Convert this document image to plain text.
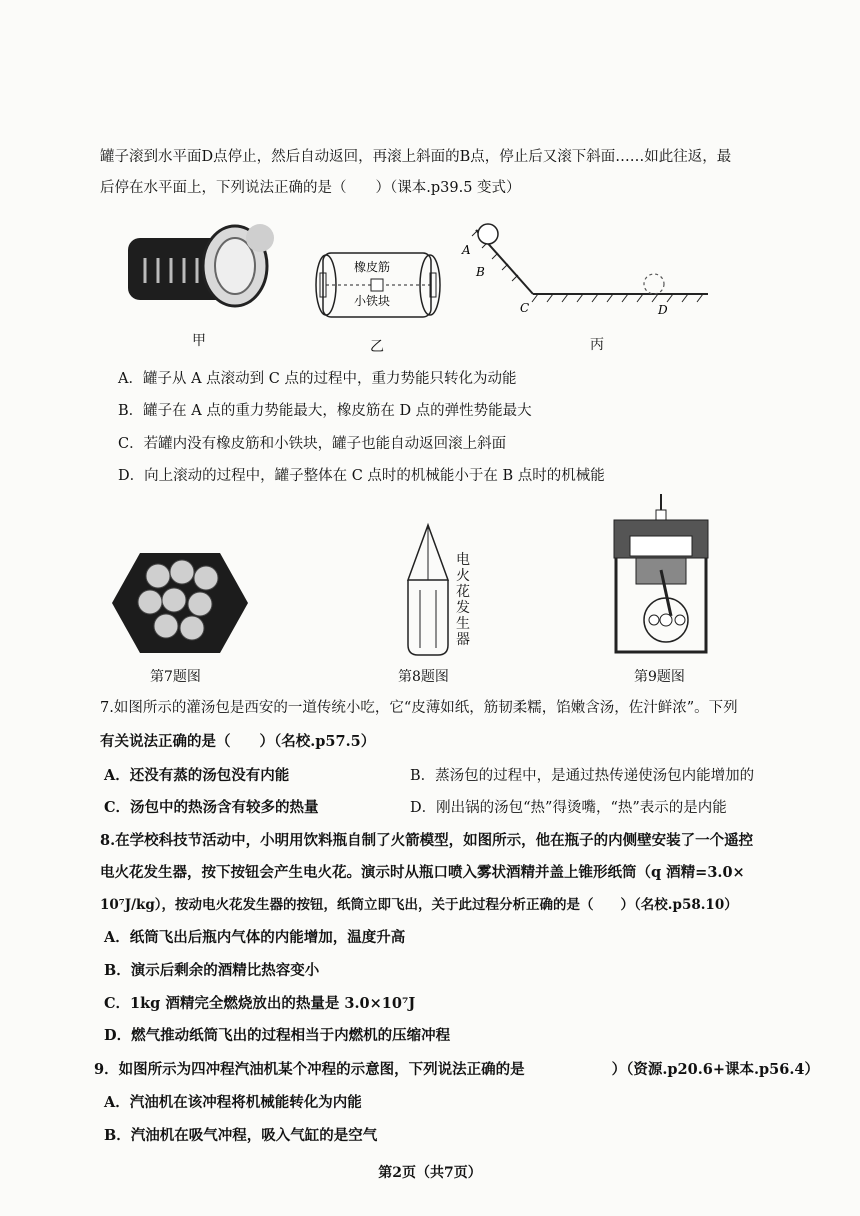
罐子滚到水平面D点停止，然后自动返回，再滚上斜面的B点，停止后又滚下斜面……如此往返，最
后停在水平面上，下列说法正确的是（　　）（课本.p39.5 变式）
甲
橡皮筋
小铁块
乙
A
B
C	D
丙
A．罐子从 A 点滚动到 C 点的过程中，重力势能只转化为动能
B．罐子在 A 点的重力势能最大，橡皮筋在 D 点的弹性势能最大
C．若罐内没有橡皮筋和小铁块，罐子也能自动返回滚上斜面
D．向上滚动的过程中，罐子整体在 C 点时的机械能小于在 B 点时的机械能
第7题图
电火花发生器
第8题图	第9题图
7.如图所示的灌汤包是西安的一道传统小吃，它“皮薄如纸，筋韧柔糯，馅嫩含汤，佐汁鲜浓”。下列
有关说法正确的是（　　）（名校.p57.5）
A．还没有蒸的汤包没有内能	B．蒸汤包的过程中，是通过热传递使汤包内能增加的
C．汤包中的热汤含有较多的热量	D．刚出锅的汤包“热”得烫嘴，“热”表示的是内能
8.在学校科技节活动中，小明用饮料瓶自制了火箭模型，如图所示，他在瓶子的内侧壁安装了一个遥控
电火花发生器，按下按钮会产生电火花。演示时从瓶口喷入雾状酒精并盖上锥形纸筒（q 酒精=3.0×
10⁷J/kg），按动电火花发生器的按钮，纸筒立即飞出，关于此过程分析正确的是（　　）（名校.p58.10）
A．纸筒飞出后瓶内气体的内能增加，温度升高
B．演示后剩余的酒精比热容变小
C．1kg 酒精完全燃烧放出的热量是 3.0×10⁷J
D．燃气推动纸筒飞出的过程相当于内燃机的压缩冲程
9．如图所示为四冲程汽油机某个冲程的示意图，下列说法正确的是　　　　　　）（资源.p20.6+课本.p56.4）
A．汽油机在该冲程将机械能转化为内能
B．汽油机在吸气冲程，吸入气缸的是空气
第2页（共7页）
